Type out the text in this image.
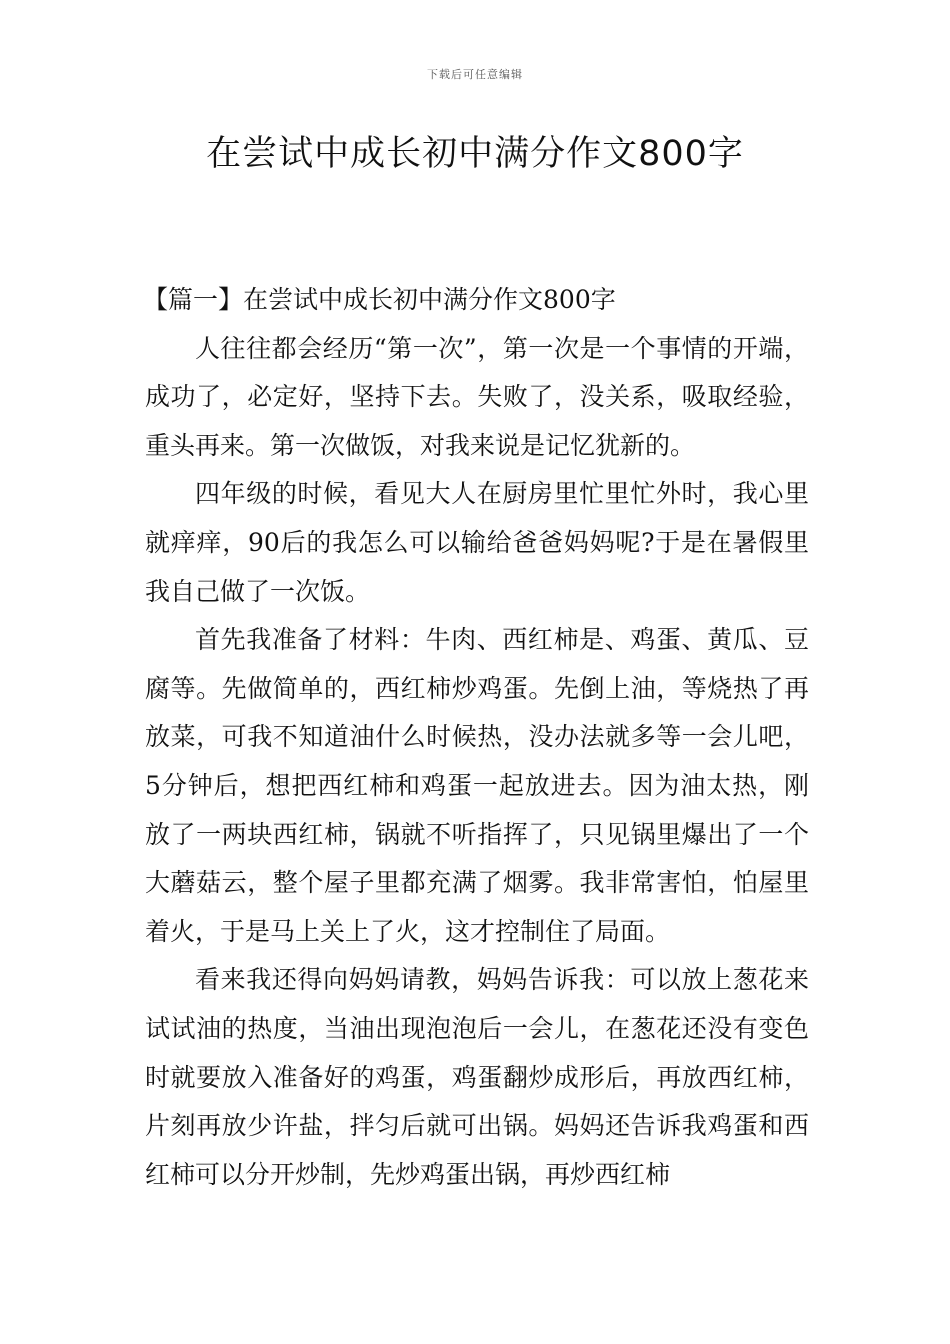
下载后可任意编辑
在尝试中成长初中满分作文800字

【篇一】在尝试中成长初中满分作文800字

人往往都会经历“第一次”，第一次是一个事情的开端，成功了，必定好，坚持下去。失败了，没关系，吸取经验，重头再来。第一次做饭，对我来说是记忆犹新的。

四年级的时候，看见大人在厨房里忙里忙外时，我心里就痒痒，90后的我怎么可以输给爸爸妈妈呢?于是在暑假里我自己做了一次饭。

首先我准备了材料：牛肉、西红柿是、鸡蛋、黄瓜、豆腐等。先做简单的，西红柿炒鸡蛋。先倒上油，等烧热了再放菜，可我不知道油什么时候热，没办法就多等一会儿吧，5分钟后，想把西红柿和鸡蛋一起放进去。因为油太热，刚放了一两块西红柿，锅就不听指挥了，只见锅里爆出了一个大蘑菇云，整个屋子里都充满了烟雾。我非常害怕，怕屋里着火，于是马上关上了火，这才控制住了局面。

看来我还得向妈妈请教，妈妈告诉我：可以放上葱花来试试油的热度，当油出现泡泡后一会儿，在葱花还没有变色时就要放入准备好的鸡蛋，鸡蛋翻炒成形后，再放西红柿，片刻再放少许盐，拌匀后就可出锅。妈妈还告诉我鸡蛋和西红柿可以分开炒制，先炒鸡蛋出锅，再炒西红柿
